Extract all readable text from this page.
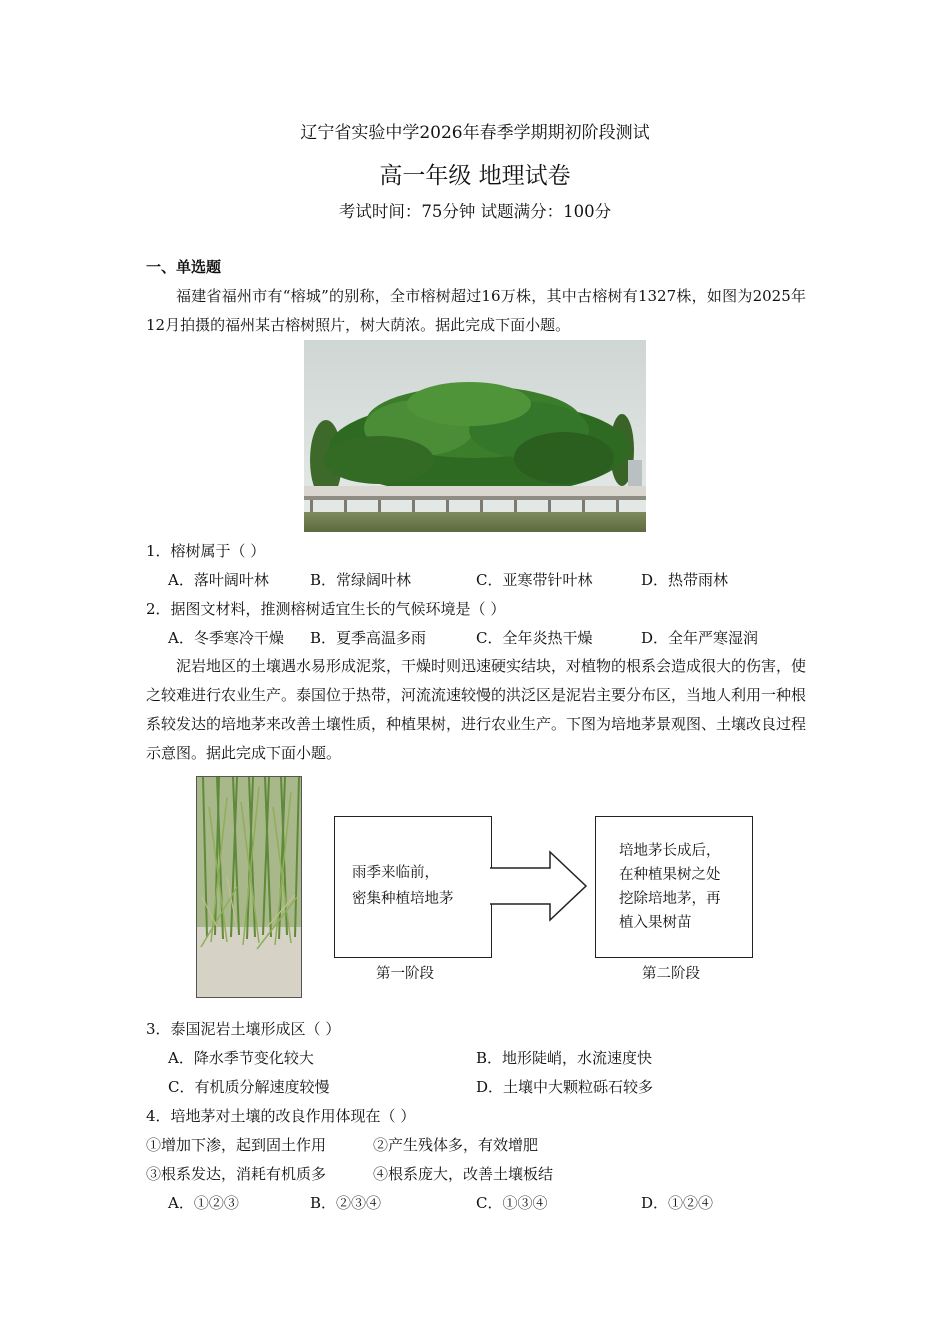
辽宁省实验中学2026年春季学期期初阶段测试
高一年级 地理试卷
考试时间：75分钟 试题满分：100分
一、单选题
福建省福州市有“榕城”的别称，全市榕树超过16万株，其中古榕树有1327株，如图为2025年12月拍摄的福州某古榕树照片，树大荫浓。据此完成下面小题。
1．榕树属于（ ）
A．落叶阔叶林	B．常绿阔叶林	C．亚寒带针叶林	D．热带雨林
2．据图文材料，推测榕树适宜生长的气候环境是（ ）
A．冬季寒冷干燥 B．夏季高温多雨	C．全年炎热干燥	D．全年严寒湿润
泥岩地区的土壤遇水易形成泥浆，干燥时则迅速硬实结块，对植物的根系会造成很大的伤害，使之较难进行农业生产。泰国位于热带，河流流速较慢的洪泛区是泥岩主要分布区，当地人利用一种根系较发达的培地茅来改善土壤性质，种植果树，进行农业生产。下图为培地茅景观图、土壤改良过程示意图。据此完成下面小题。
雨季来临前，
密集种植培地茅
培地茅长成后，
在种植果树之处
挖除培地茅，再
植入果树苗
第一阶段	第二阶段
3．泰国泥岩土壤形成区（ ）
A．降水季节变化较大	B．地形陡峭，水流速度快
C．有机质分解速度较慢	D．土壤中大颗粒砾石较多
4．培地茅对土壤的改良作用体现在（ ）
①增加下渗，起到固土作用	②产生残体多，有效增肥
③根系发达，消耗有机质多	④根系庞大，改善土壤板结
A．①②③	B．②③④	C．①③④	D．①②④
